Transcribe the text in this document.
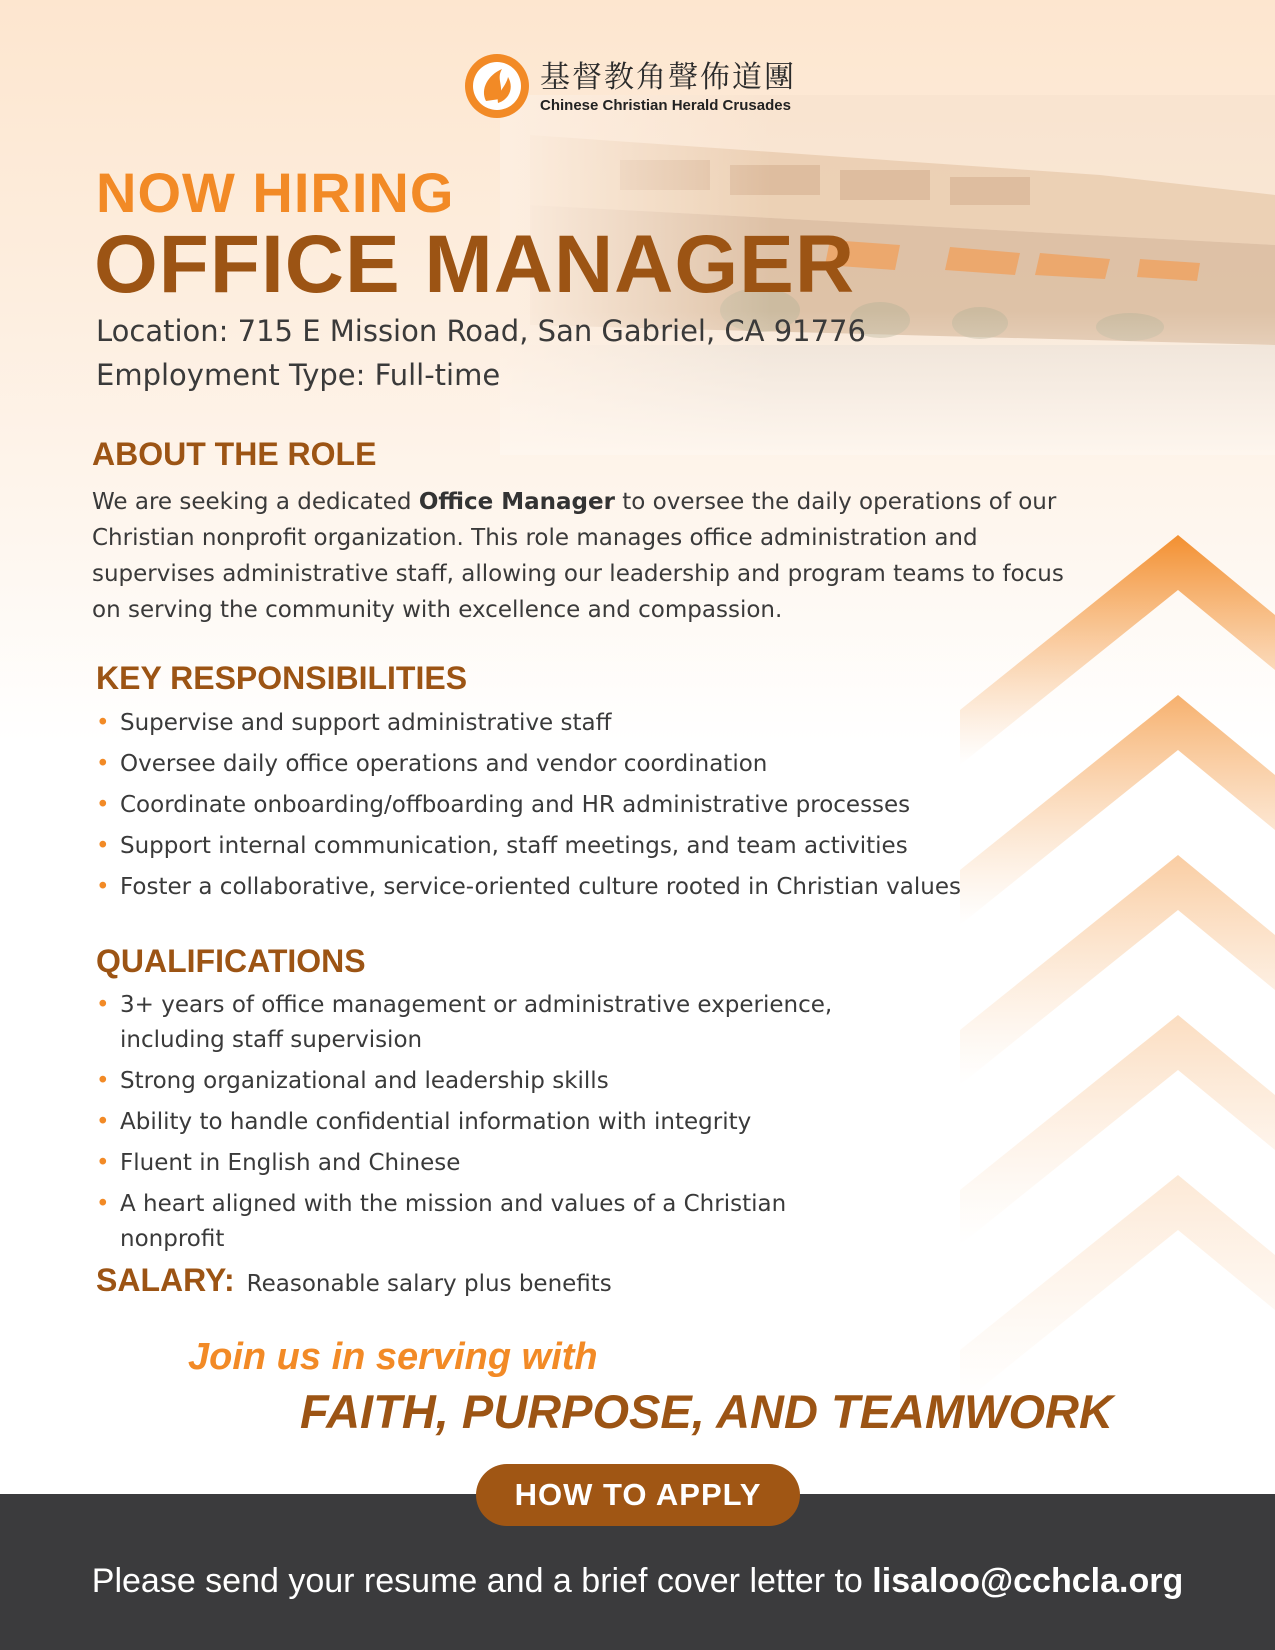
基督教角聲佈道團
Chinese Christian Herald Crusades
NOW HIRING
OFFICE MANAGER
Location: 715 E Mission Road, San Gabriel, CA 91776
Employment Type: Full-time
ABOUT THE ROLE
We are seeking a dedicated Office Manager to oversee the daily operations of our Christian nonprofit organization. This role manages office administration and supervises administrative staff, allowing our leadership and program teams to focus on serving the community with excellence and compassion.
KEY RESPONSIBILITIES
• Supervise and support administrative staff
• Oversee daily office operations and vendor coordination
• Coordinate onboarding/offboarding and HR administrative processes
• Support internal communication, staff meetings, and team activities
• Foster a collaborative, service-oriented culture rooted in Christian values
QUALIFICATIONS
• 3+ years of office management or administrative experience, including staff supervision
• Strong organizational and leadership skills
• Ability to handle confidential information with integrity
• Fluent in English and Chinese
• A heart aligned with the mission and values of a Christian nonprofit
SALARY: Reasonable salary plus benefits
Join us in serving with
FAITH, PURPOSE, AND TEAMWORK
HOW TO APPLY
Please send your resume and a brief cover letter to lisaloo@cchcla.org
